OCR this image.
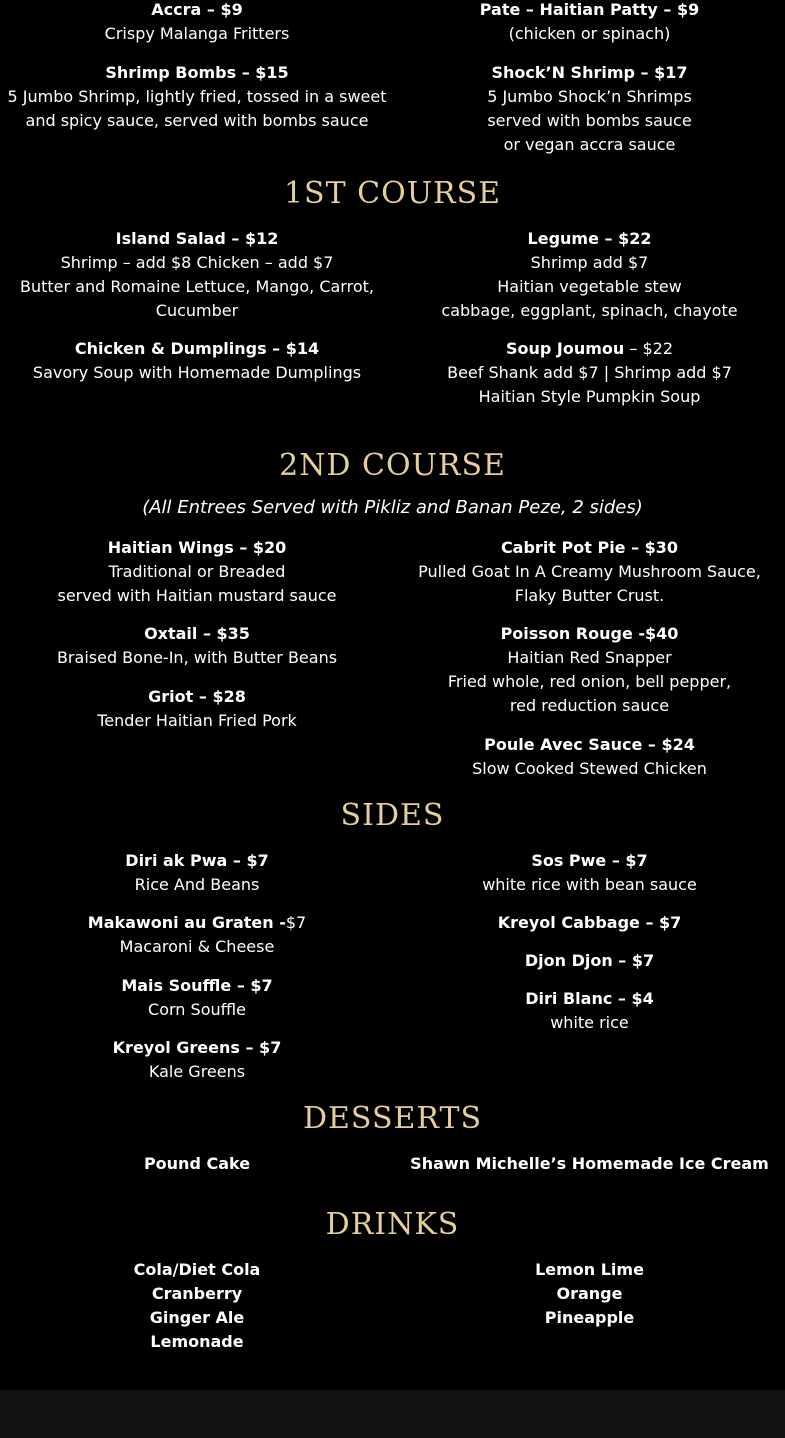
Accra – $9
Crispy Malanga Fritters
Shrimp Bombs – $15
5 Jumbo Shrimp, lightly fried, tossed in a sweet
and spicy sauce, served with bombs sauce
Pate – Haitian Patty – $9
(chicken or spinach)
Shock’N Shrimp – $17
5 Jumbo Shock’n Shrimps
served with bombs sauce
or vegan accra sauce
1ST COURSE
Island Salad – $12
Shrimp – add $8 Chicken – add $7
Butter and Romaine Lettuce, Mango, Carrot,
Cucumber
Chicken & Dumplings – $14
Savory Soup with Homemade Dumplings
Legume – $22
Shrimp add $7
Haitian vegetable stew
cabbage, eggplant, spinach, chayote
Soup Joumou – $22
Beef Shank add $7 | Shrimp add $7
Haitian Style Pumpkin Soup
2ND COURSE
(All Entrees Served with Pikliz and Banan Peze, 2 sides)
Haitian Wings – $20
Traditional or Breaded
served with Haitian mustard sauce
Oxtail – $35
Braised Bone-In, with Butter Beans
Griot – $28
Tender Haitian Fried Pork
Cabrit Pot Pie – $30
Pulled Goat In A Creamy Mushroom Sauce,
Flaky Butter Crust.
Poisson Rouge -$40
Haitian Red Snapper
Fried whole, red onion, bell pepper,
red reduction sauce
Poule Avec Sauce – $24
Slow Cooked Stewed Chicken
SIDES
Diri ak Pwa – $7
Rice And Beans
Makawoni au Graten -$7
Macaroni & Cheese
Mais Souffle – $7
Corn Souffle
Kreyol Greens – $7
Kale Greens
Sos Pwe – $7
white rice with bean sauce
Kreyol Cabbage – $7
Djon Djon – $7
Diri Blanc – $4
white rice
DESSERTS
Pound Cake	Shawn Michelle’s Homemade Ice Cream
DRINKS
Cola/Diet Cola
Cranberry
Ginger Ale
Lemonade
Lemon Lime
Orange
Pineapple
